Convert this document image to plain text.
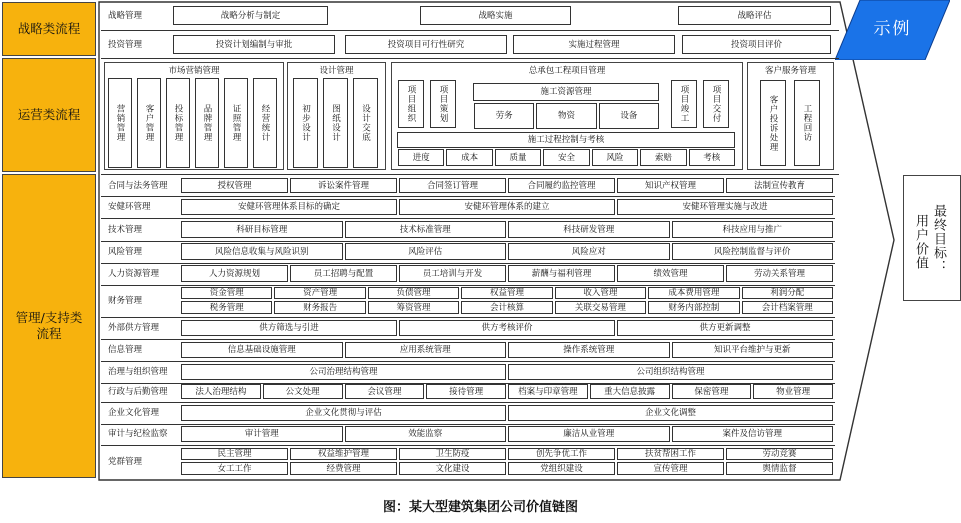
战略类流程
运营类流程
管理/支持类流程
示例
最终目标：
用户价值
图：某大型建筑集团公司价值链图
战略管理	战略分析与制定	战略实施	战略评估
投资管理	投资计划编制与审批	投资项目可行性研究	实施过程管理	投资项目评价
市场营销管理
营销管理	客户管理	投标管理	品牌管理	证照管理	经营统计
设计管理
初步设计	图纸设计	设计交底
总承包工程项目管理
项目组织	项目策划	施工资源管理
劳务	物资	设备	项目竣工	项目交付
施工过程控制与考核
进度	成本	质量	安全	风险	索赔	考核
客户服务管理
客户投诉处理	工程回访
合同与法务管理	授权管理	诉讼案件管理	合同签订管理	合同履约监控管理	知识产权管理	法制宣传教育
安健环管理	安健环管理体系目标的确定	安健环管理体系的建立	安健环管理实施与改进
技术管理	科研目标管理	技术标准管理	科技研发管理	科技应用与推广
风险管理	风险信息收集与风险识别	风险评估	风险应对	风险控制监督与评价
人力资源管理	人力资源规划	员工招聘与配置	员工培训与开发	薪酬与福利管理	绩效管理	劳动关系管理
财务管理
资金管理	资产管理	负债管理	权益管理	收入管理	成本费用管理	利润分配
税务管理	财务报告	筹资管理	会计核算	关联交易管理	财务内部控制	会计档案管理
外部供方管理	供方筛选与引进	供方考核评价	供方更新调整
信息管理	信息基础设施管理	应用系统管理	操作系统管理	知识平台维护与更新
治理与组织管理	公司治理结构管理	公司组织结构管理
行政与后勤管理	法人治理结构	公文处理	会议管理	接待管理	档案与印章管理	重大信息披露	保密管理	物业管理
企业文化管理	企业文化贯彻与评估	企业文化调整
审计与纪检监察	审计管理	效能监察	廉洁从业管理	案件及信访管理
党群管理
民主管理	权益维护管理	卫生防疫	创先争优工作	扶贫帮困工作	劳动竞赛
女工工作	经费管理	文化建设	党组织建设	宣传管理	舆情监督
